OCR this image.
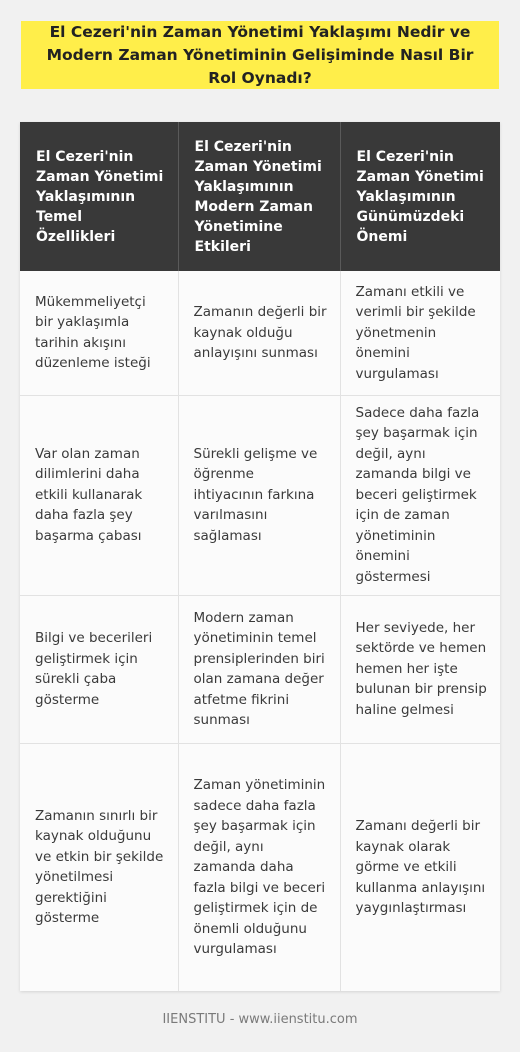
El Cezeri'nin Zaman Yönetimi Yaklaşımı Nedir ve Modern Zaman Yönetiminin Gelişiminde Nasıl Bir Rol Oynadı?
El Cezeri'nin Zaman Yönetimi Yaklaşımının Temel Özellikleri	El Cezeri'nin Zaman Yönetimi Yaklaşımının Modern Zaman Yönetimine Etkileri	El Cezeri'nin Zaman Yönetimi Yaklaşımının Günümüzdeki Önemi
Mükemmeliyetçi bir yaklaşımla tarihin akışını düzenleme isteği	Zamanın değerli bir kaynak olduğu anlayışını sunması	Zamanı etkili ve verimli bir şekilde yönetmenin önemini vurgulaması
Var olan zaman dilimlerini daha etkili kullanarak daha fazla şey başarma çabası	Sürekli gelişme ve öğrenme ihtiyacının farkına varılmasını sağlaması	Sadece daha fazla şey başarmak için değil, aynı zamanda bilgi ve beceri geliştirmek için de zaman yönetiminin önemini göstermesi
Bilgi ve becerileri geliştirmek için sürekli çaba gösterme	Modern zaman yönetiminin temel prensiplerinden biri olan zamana değer atfetme fikrini sunması	Her seviyede, her sektörde ve hemen hemen her işte bulunan bir prensip haline gelmesi
Zamanın sınırlı bir kaynak olduğunu ve etkin bir şekilde yönetilmesi gerektiğini gösterme	Zaman yönetiminin sadece daha fazla şey başarmak için değil, aynı zamanda daha fazla bilgi ve beceri geliştirmek için de önemli olduğunu vurgulaması	Zamanı değerli bir kaynak olarak görme ve etkili kullanma anlayışını yaygınlaştırması
IIENSTITU - www.iienstitu.com
